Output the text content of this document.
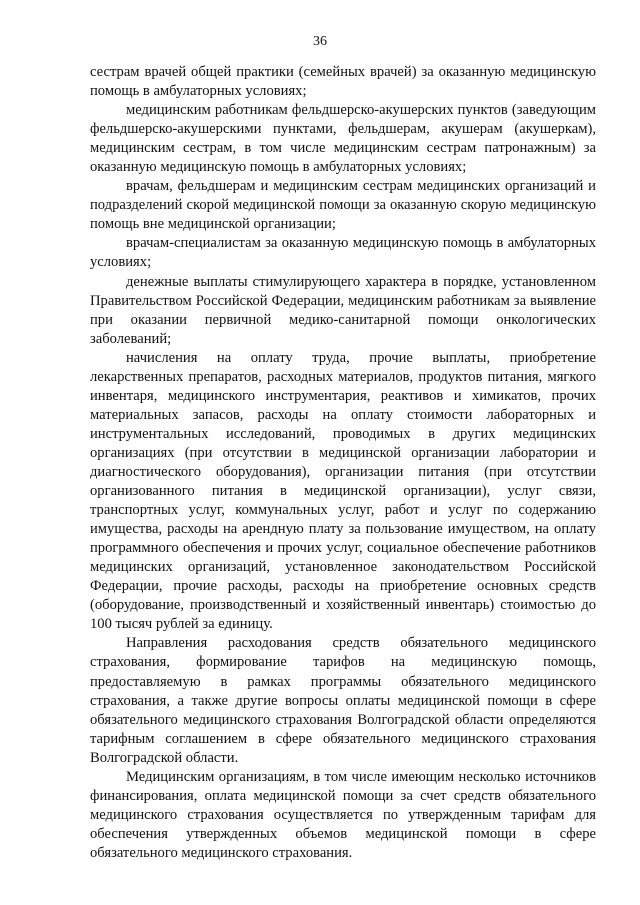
36

сестрам врачей общей практики (семейных врачей) за оказанную медицинскую помощь в амбулаторных условиях;

медицинским работникам фельдшерско-акушерских пунктов (заведующим фельдшерско-акушерскими пунктами, фельдшерам, акушерам (акушеркам), медицинским сестрам, в том числе медицинским сестрам патронажным) за оказанную медицинскую помощь в амбулаторных условиях;

врачам, фельдшерам и медицинским сестрам медицинских организаций и подразделений скорой медицинской помощи за оказанную скорую медицинскую помощь вне медицинской организации;

врачам-специалистам за оказанную медицинскую помощь в амбулаторных условиях;

денежные выплаты стимулирующего характера в порядке, установленном Правительством Российской Федерации, медицинским работникам за выявление при оказании первичной медико-санитарной помощи онкологических заболеваний;

начисления на оплату труда, прочие выплаты, приобретение лекарственных препаратов, расходных материалов, продуктов питания, мягкого инвентаря, медицинского инструментария, реактивов и химикатов, прочих материальных запасов, расходы на оплату стоимости лабораторных и инструментальных исследований, проводимых в других медицинских организациях (при отсутствии в медицинской организации лаборатории и диагностического оборудования), организации питания (при отсутствии организованного питания в медицинской организации), услуг связи, транспортных услуг, коммунальных услуг, работ и услуг по содержанию имущества, расходы на арендную плату за пользование имуществом, на оплату программного обеспечения и прочих услуг, социальное обеспечение работников медицинских организаций, установленное законодательством Российской Федерации, прочие расходы, расходы на приобретение основных средств (оборудование, производственный и хозяйственный инвентарь) стоимостью до 100 тысяч рублей за единицу.

Направления расходования средств обязательного медицинского страхования, формирование тарифов на медицинскую помощь, предоставляемую в рамках программы обязательного медицинского страхования, а также другие вопросы оплаты медицинской помощи в сфере обязательного медицинского страхования Волгоградской области определяются тарифным соглашением в сфере обязательного медицинского страхования Волгоградской области.

Медицинским организациям, в том числе имеющим несколько источников финансирования, оплата медицинской помощи за счет средств обязательного медицинского страхования осуществляется по утвержденным тарифам для обеспечения утвержденных объемов медицинской помощи в сфере обязательного медицинского страхования.
